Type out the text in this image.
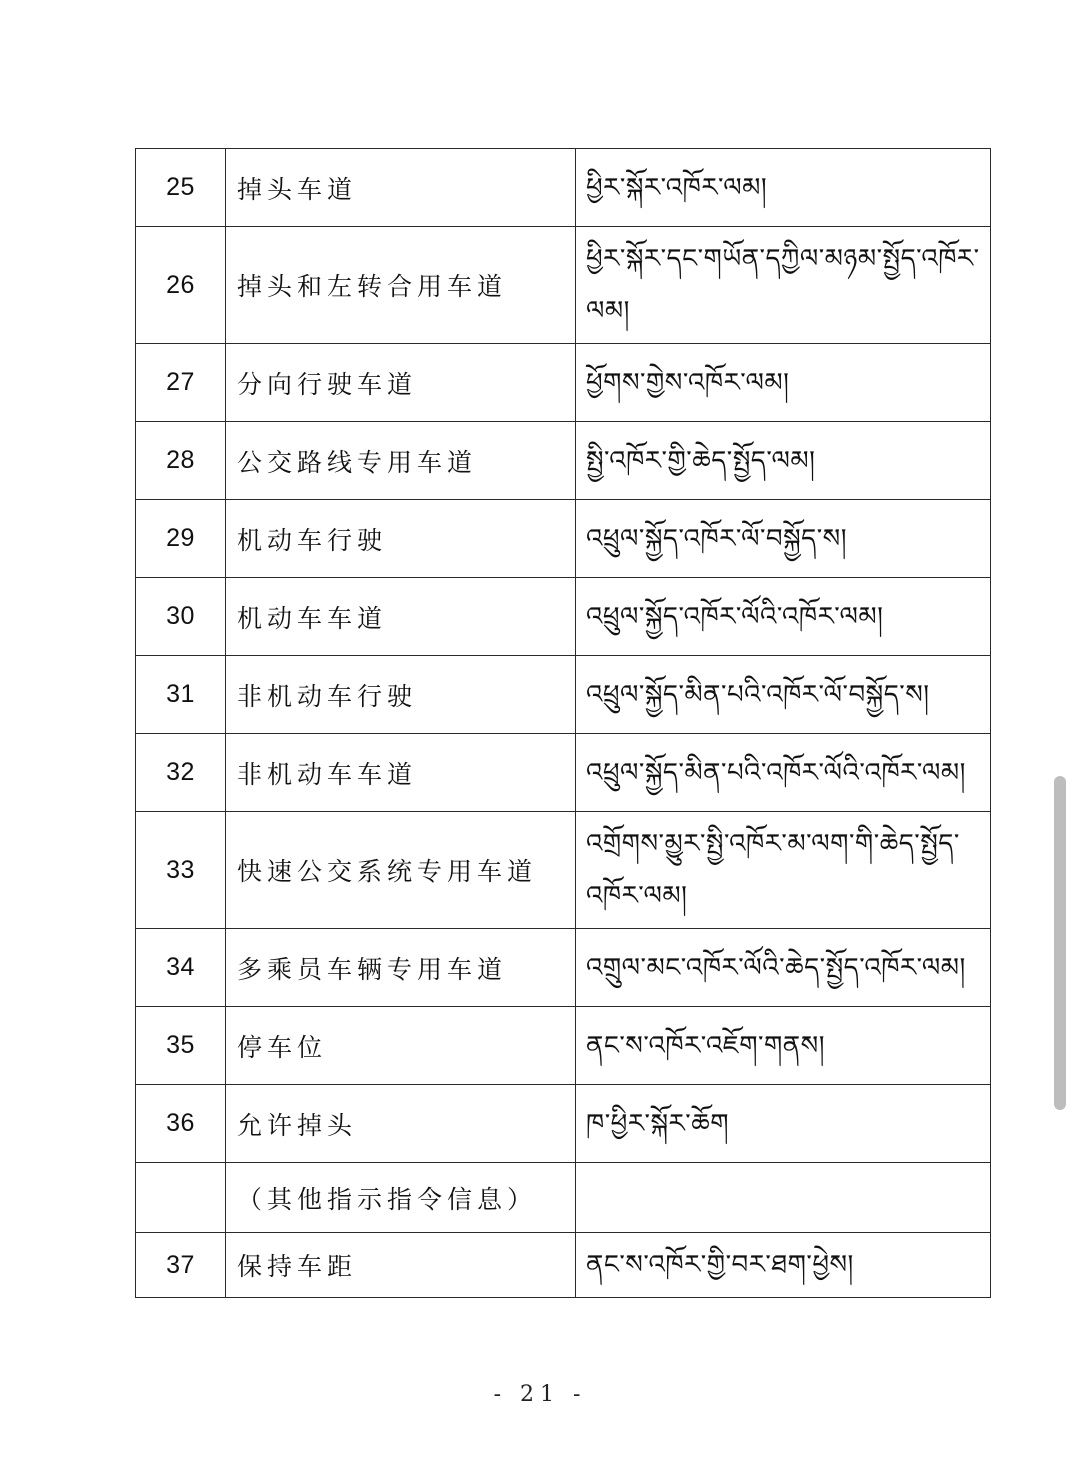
25	掉头车道	ཕྱིར་སྐོར་འཁོར་ལམ།
26	掉头和左转合用车道	ཕྱིར་སྐོར་དང་གཡོན་དཀྱིལ་མཉམ་སྤྱོད་འཁོར་ལམ།
27	分向行驶车道	ཕྱོགས་གྱེས་འཁོར་ལམ།
28	公交路线专用车道	སྤྱི་འཁོར་གྱི་ཆེད་སྤྱོད་ལམ།
29	机动车行驶	འཕྲུལ་སྐྱོད་འཁོར་ལོ་བསྐྱོད་ས།
30	机动车车道	འཕྲུལ་སྐྱོད་འཁོར་ལོའི་འཁོར་ལམ།
31	非机动车行驶	འཕྲུལ་སྐྱོད་མིན་པའི་འཁོར་ལོ་བསྐྱོད་ས།
32	非机动车车道	འཕྲུལ་སྐྱོད་མིན་པའི་འཁོར་ལོའི་འཁོར་ལམ།
33	快速公交系统专用车道	འགྲོགས་མྱུར་སྤྱི་འཁོར་མ་ལག་གི་ཆེད་སྤྱོད་འཁོར་ལམ།
34	多乘员车辆专用车道	འགྲུལ་མང་འཁོར་ལོའི་ཆེད་སྤྱོད་འཁོར་ལམ།
35	停车位	ནང་ས་འཁོར་འཇོག་གནས།
36	允许掉头	ཁ་ཕྱིར་སྐོར་ཆོག
	（其他指示指令信息）	
37	保持车距	ནང་ས་འཁོར་གྱི་བར་ཐག་ཕྱེས།
- 21 -
